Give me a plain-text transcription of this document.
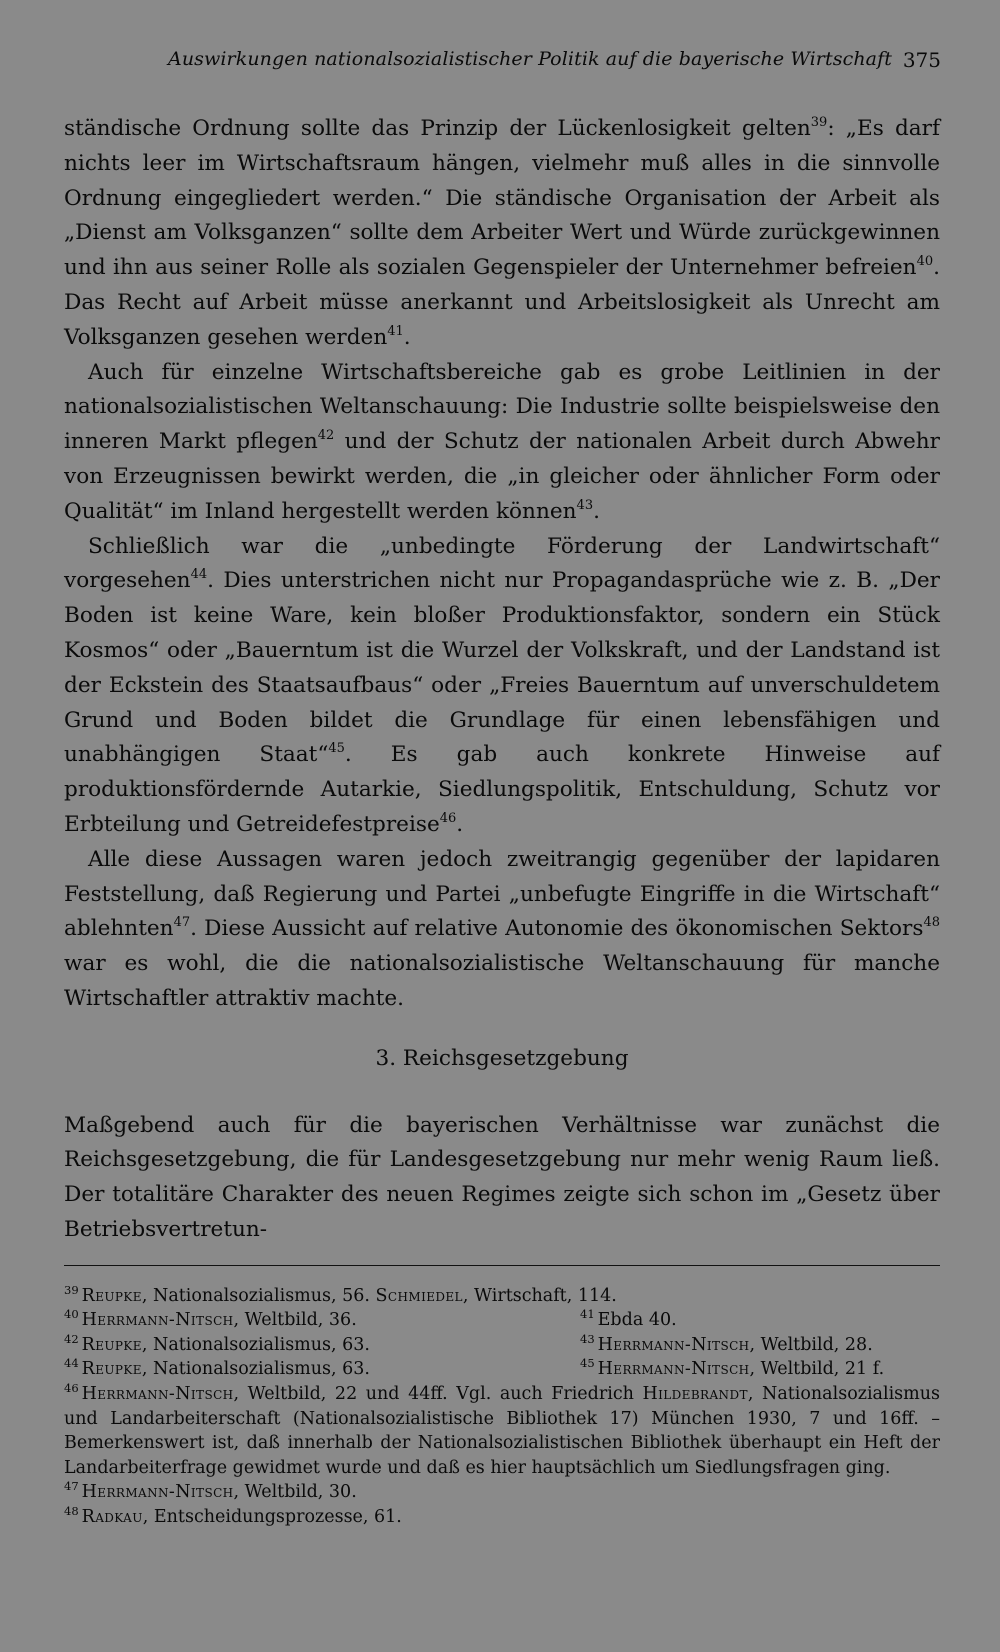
Auswirkungen nationalsozialistischer Politik auf die bayerische Wirtschaft 375

ständische Ordnung sollte das Prinzip der Lückenlosigkeit gelten$^{39}$: „Es darf nichts leer im Wirtschaftsraum hängen, vielmehr muß alles in die sinnvolle Ordnung eingegliedert werden.“ Die ständische Organisation der Arbeit als „Dienst am Volksganzen“ sollte dem Arbeiter Wert und Würde zurückgewinnen und ihn aus seiner Rolle als sozialen Gegenspieler der Unternehmer befreien$^{40}$. Das Recht auf Arbeit müsse anerkannt und Arbeitslosigkeit als Unrecht am Volksganzen gesehen werden$^{41}$.

Auch für einzelne Wirtschaftsbereiche gab es grobe Leitlinien in der nationalsozialistischen Weltanschauung: Die Industrie sollte beispielsweise den inneren Markt pflegen$^{42}$ und der Schutz der nationalen Arbeit durch Abwehr von Erzeugnissen bewirkt werden, die „in gleicher oder ähnlicher Form oder Qualität“ im Inland hergestellt werden können$^{43}$.

Schließlich war die „unbedingte Förderung der Landwirtschaft“ vorgesehen$^{44}$. Dies unterstrichen nicht nur Propagandasprüche wie z. B. „Der Boden ist keine Ware, kein bloßer Produktionsfaktor, sondern ein Stück Kosmos“ oder „Bauerntum ist die Wurzel der Volkskraft, und der Landstand ist der Eckstein des Staatsaufbaus“ oder „Freies Bauerntum auf unverschuldetem Grund und Boden bildet die Grundlage für einen lebensfähigen und unabhängigen Staat“$^{45}$. Es gab auch konkrete Hinweise auf produktionsfördernde Autarkie, Siedlungspolitik, Entschuldung, Schutz vor Erbteilung und Getreidefestpreise$^{46}$.

Alle diese Aussagen waren jedoch zweitrangig gegenüber der lapidaren Feststellung, daß Regierung und Partei „unbefugte Eingriffe in die Wirtschaft“ ablehnten$^{47}$. Diese Aussicht auf relative Autonomie des ökonomischen Sektors$^{48}$ war es wohl, die die nationalsozialistische Weltanschauung für manche Wirtschaftler attraktiv machte.

3. Reichsgesetzgebung

Maßgebend auch für die bayerischen Verhältnisse war zunächst die Reichsgesetzgebung, die für Landesgesetzgebung nur mehr wenig Raum ließ. Der totalitäre Charakter des neuen Regimes zeigte sich schon im „Gesetz über Betriebsvertretun-

$^{39}$ Reupke, Nationalsozialismus, 56. Schmiedel, Wirtschaft, 114.
$^{40}$ Herrmann-Nitsch, Weltbild, 36.	$^{41}$ Ebda 40.
$^{42}$ Reupke, Nationalsozialismus, 63.	$^{43}$ Herrmann-Nitsch, Weltbild, 28.
$^{44}$ Reupke, Nationalsozialismus, 63.	$^{45}$ Herrmann-Nitsch, Weltbild, 21 f.
$^{46}$ Herrmann-Nitsch, Weltbild, 22 und 44ff. Vgl. auch Friedrich Hildebrandt, Nationalsozialismus und Landarbeiterschaft (Nationalsozialistische Bibliothek 17) München 1930, 7 und 16ff. – Bemerkenswert ist, daß innerhalb der Nationalsozialistischen Bibliothek überhaupt ein Heft der Landarbeiterfrage gewidmet wurde und daß es hier hauptsächlich um Siedlungsfragen ging.
$^{47}$ Herrmann-Nitsch, Weltbild, 30.
$^{48}$ Radkau, Entscheidungsprozesse, 61.
